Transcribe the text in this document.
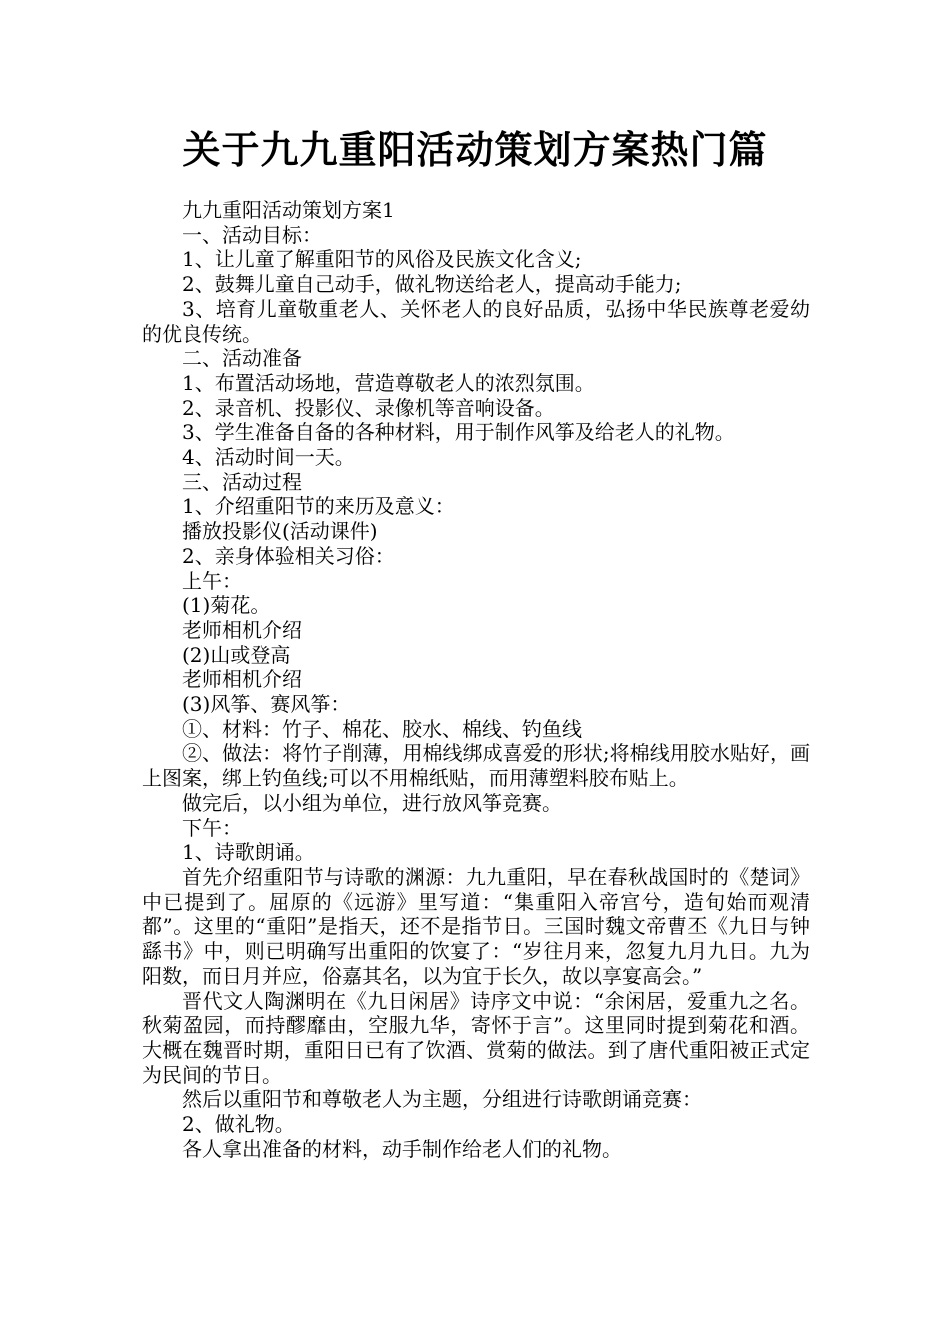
关于九九重阳活动策划方案热门篇

九九重阳活动策划方案1

一、活动目标：

1、让儿童了解重阳节的风俗及民族文化含义;

2、鼓舞儿童自己动手，做礼物送给老人，提高动手能力;

3、培育儿童敬重老人、关怀老人的良好品质，弘扬中华民族尊老爱幼的优良传统。

二、活动准备

1、布置活动场地，营造尊敬老人的浓烈氛围。

2、录音机、投影仪、录像机等音响设备。

3、学生准备自备的各种材料，用于制作风筝及给老人的礼物。

4、活动时间一天。

三、活动过程

1、介绍重阳节的来历及意义：

播放投影仪(活动课件)

2、亲身体验相关习俗：

上午：

(1)菊花。

老师相机介绍

(2)山或登高

老师相机介绍

(3)风筝、赛风筝：

①、材料：竹子、棉花、胶水、棉线、钓鱼线

②、做法：将竹子削薄，用棉线绑成喜爱的形状;将棉线用胶水贴好，画上图案，绑上钓鱼线;可以不用棉纸贴，而用薄塑料胶布贴上。

做完后，以小组为单位，进行放风筝竞赛。

下午：

1、诗歌朗诵。

首先介绍重阳节与诗歌的渊源：九九重阳，早在春秋战国时的《楚词》中已提到了。屈原的《远游》里写道：“集重阳入帝宫兮，造旬始而观清都”。这里的“重阳”是指天，还不是指节日。三国时魏文帝曹丕《九日与钟繇书》中，则已明确写出重阳的饮宴了：“岁往月来，忽复九月九日。九为阳数，而日月并应，俗嘉其名，以为宜于长久，故以享宴高会。”

晋代文人陶渊明在《九日闲居》诗序文中说：“余闲居，爱重九之名。秋菊盈园，而持醪靡由，空服九华，寄怀于言”。这里同时提到菊花和酒。大概在魏晋时期，重阳日已有了饮酒、赏菊的做法。到了唐代重阳被正式定为民间的节日。

然后以重阳节和尊敬老人为主题，分组进行诗歌朗诵竞赛：

2、做礼物。

各人拿出准备的材料，动手制作给老人们的礼物。
